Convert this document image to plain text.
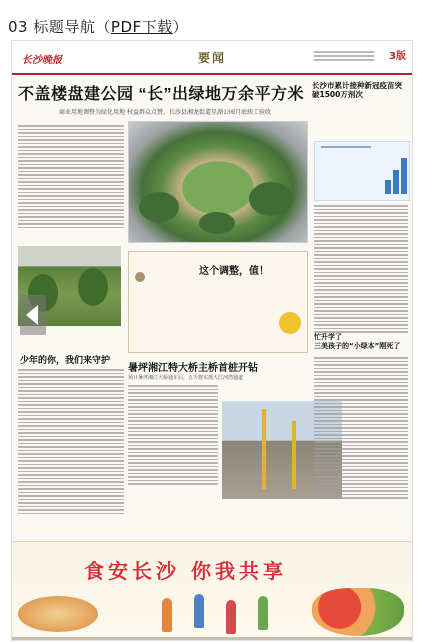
03 标题导航（PDF下载）
长沙晚报	要闻	3版
不盖楼盘建公园 “长”出绿地万余平方米
商业用地调整为绿化用地 权益群众点赞，长沙县湘龙街道星湖公园月底竣工验收
少年的你，我们来守护
这个调整，值！
长沙市累计接种新冠疫苗突破1500万剂次
暑坪湘江特大桥主桥首桩开钻
预计暑坪湘江大桥通车后，五天将实现大江河湾通道
忙升学了
三美孩子的“小绿本”刚死了
食安长沙 你我共享
